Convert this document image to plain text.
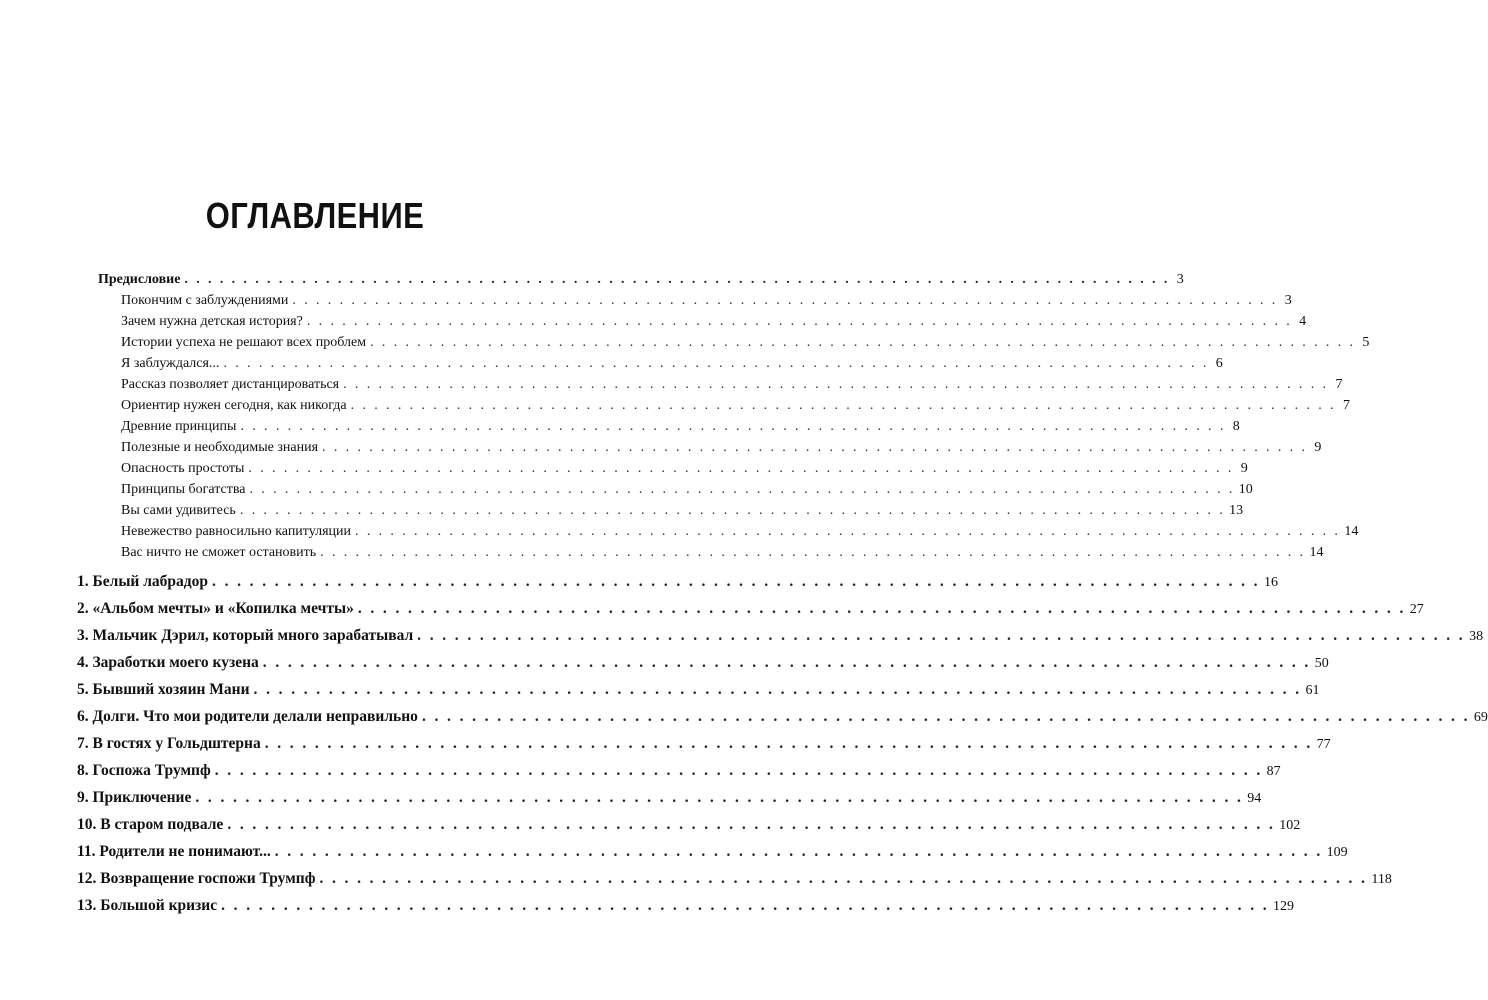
ОГЛАВЛЕНИЕ
Предисловие . . . . . . . . . . . . . . . . . . . . . . . . . . . . . . . . . . . . . . . . . . . . . . . . . . . . . . . . . . . . . . . . . . . . . . . . . . . . . . . . . . . . 3
Покончим с заблуждениями . . . . . . . . . . . . . . . . . . . . . . . . . . . . . . . . . . . . . . . . . . . . . . . . . . . . . . . . . . . . . . . . . . . . . . . . . . . . . . . . . . . . 3
Зачем нужна детская история? . . . . . . . . . . . . . . . . . . . . . . . . . . . . . . . . . . . . . . . . . . . . . . . . . . . . . . . . . . . . . . . . . . . . . . . . . . . . . . . . . . . . 4
Истории успеха не решают всех проблем . . . . . . . . . . . . . . . . . . . . . . . . . . . . . . . . . . . . . . . . . . . . . . . . . . . . . . . . . . . . . . . . . . . . . . . . . . . . . . . . . . . . 5
Я заблуждался... . . . . . . . . . . . . . . . . . . . . . . . . . . . . . . . . . . . . . . . . . . . . . . . . . . . . . . . . . . . . . . . . . . . . . . . . . . . . . . . . . . . . 6
Рассказ позволяет дистанцироваться . . . . . . . . . . . . . . . . . . . . . . . . . . . . . . . . . . . . . . . . . . . . . . . . . . . . . . . . . . . . . . . . . . . . . . . . . . . . . . . . . . . . 7
Ориентир нужен сегодня, как никогда . . . . . . . . . . . . . . . . . . . . . . . . . . . . . . . . . . . . . . . . . . . . . . . . . . . . . . . . . . . . . . . . . . . . . . . . . . . . . . . . . . . . 7
Древние принципы . . . . . . . . . . . . . . . . . . . . . . . . . . . . . . . . . . . . . . . . . . . . . . . . . . . . . . . . . . . . . . . . . . . . . . . . . . . . . . . . . . . . 8
Полезные и необходимые знания . . . . . . . . . . . . . . . . . . . . . . . . . . . . . . . . . . . . . . . . . . . . . . . . . . . . . . . . . . . . . . . . . . . . . . . . . . . . . . . . . . . . 9
Опасность простоты . . . . . . . . . . . . . . . . . . . . . . . . . . . . . . . . . . . . . . . . . . . . . . . . . . . . . . . . . . . . . . . . . . . . . . . . . . . . . . . . . . . . 9
Принципы богатства . . . . . . . . . . . . . . . . . . . . . . . . . . . . . . . . . . . . . . . . . . . . . . . . . . . . . . . . . . . . . . . . . . . . . . . . . . . . . . . . . . . . 10
Вы сами удивитесь . . . . . . . . . . . . . . . . . . . . . . . . . . . . . . . . . . . . . . . . . . . . . . . . . . . . . . . . . . . . . . . . . . . . . . . . . . . . . . . . . . . . 13
Невежество равносильно капитуляции . . . . . . . . . . . . . . . . . . . . . . . . . . . . . . . . . . . . . . . . . . . . . . . . . . . . . . . . . . . . . . . . . . . . . . . . . . . . . . . . . . . . 14
Вас ничто не сможет остановить . . . . . . . . . . . . . . . . . . . . . . . . . . . . . . . . . . . . . . . . . . . . . . . . . . . . . . . . . . . . . . . . . . . . . . . . . . . . . . . . . . . . 14
1. Белый лабрадор . . . . . . . . . . . . . . . . . . . . . . . . . . . . . . . . . . . . . . . . . . . . . . . . . . . . . . . . . . . . . . . . . . . . . . . . . . . . . . . . . . . . 16
2. «Альбом мечты» и «Копилка мечты» . . . . . . . . . . . . . . . . . . . . . . . . . . . . . . . . . . . . . . . . . . . . . . . . . . . . . . . . . . . . . . . . . . . . . . . . . . . . . . . . . . . . 27
3. Мальчик Дэрил, который много зарабатывал . . . . . . . . . . . . . . . . . . . . . . . . . . . . . . . . . . . . . . . . . . . . . . . . . . . . . . . . . . . . . . . . . . . . . . . . . . . . . . . . . . . . 38
4. Заработки моего кузена . . . . . . . . . . . . . . . . . . . . . . . . . . . . . . . . . . . . . . . . . . . . . . . . . . . . . . . . . . . . . . . . . . . . . . . . . . . . . . . . . . . . 50
5. Бывший хозяин Мани . . . . . . . . . . . . . . . . . . . . . . . . . . . . . . . . . . . . . . . . . . . . . . . . . . . . . . . . . . . . . . . . . . . . . . . . . . . . . . . . . . . . 61
6. Долги. Что мои родители делали неправильно . . . . . . . . . . . . . . . . . . . . . . . . . . . . . . . . . . . . . . . . . . . . . . . . . . . . . . . . . . . . . . . . . . . . . . . . . . . . . . . . . . . . 69
7. В гостях у Гольдштерна . . . . . . . . . . . . . . . . . . . . . . . . . . . . . . . . . . . . . . . . . . . . . . . . . . . . . . . . . . . . . . . . . . . . . . . . . . . . . . . . . . . . 77
8. Госпожа Трумпф . . . . . . . . . . . . . . . . . . . . . . . . . . . . . . . . . . . . . . . . . . . . . . . . . . . . . . . . . . . . . . . . . . . . . . . . . . . . . . . . . . . . 87
9. Приключение . . . . . . . . . . . . . . . . . . . . . . . . . . . . . . . . . . . . . . . . . . . . . . . . . . . . . . . . . . . . . . . . . . . . . . . . . . . . . . . . . . . . 94
10. В старом подвале . . . . . . . . . . . . . . . . . . . . . . . . . . . . . . . . . . . . . . . . . . . . . . . . . . . . . . . . . . . . . . . . . . . . . . . . . . . . . . . . . . . . 102
11. Родители не понимают... . . . . . . . . . . . . . . . . . . . . . . . . . . . . . . . . . . . . . . . . . . . . . . . . . . . . . . . . . . . . . . . . . . . . . . . . . . . . . . . . . . . . 109
12. Возвращение госпожи Трумпф . . . . . . . . . . . . . . . . . . . . . . . . . . . . . . . . . . . . . . . . . . . . . . . . . . . . . . . . . . . . . . . . . . . . . . . . . . . . . . . . . . . . 118
13. Большой кризис . . . . . . . . . . . . . . . . . . . . . . . . . . . . . . . . . . . . . . . . . . . . . . . . . . . . . . . . . . . . . . . . . . . . . . . . . . . . . . . . . . . . 129
